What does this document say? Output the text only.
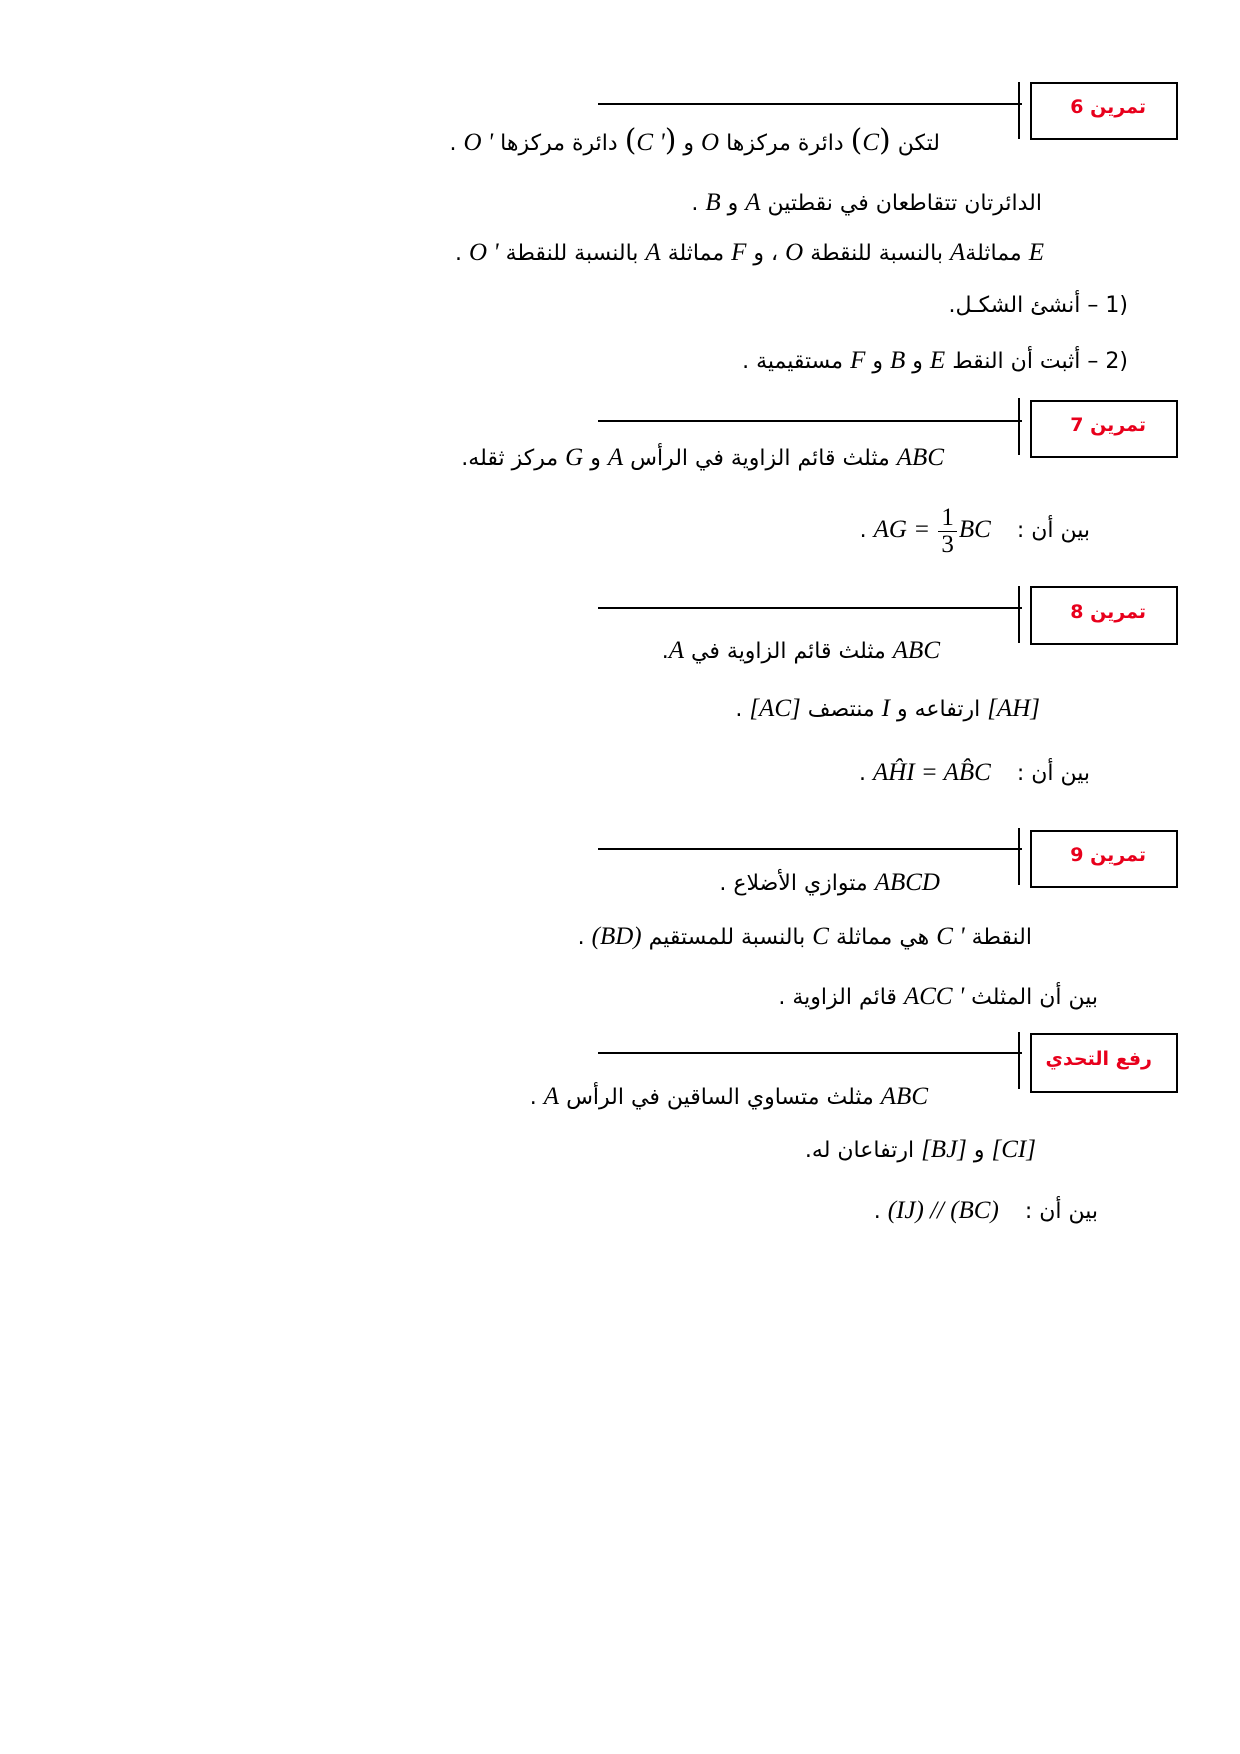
تمرين 6
لتكن (C) دائرة مركزها O و (C ') دائرة مركزها O ' .
الدائرتان تتقاطعان في نقطتين A و B .
E مماثلةA بالنسبة للنقطة O ، و F مماثلة A بالنسبة للنقطة O ' .
1) – أنشئ الشكـل.
2) – أثبت أن النقط E و B و F مستقيمية .
تمرين 7
ABC مثلث قائم الزاوية في الرأس A و G مركز ثقله.
بين أن :  AG = $\frac{1}{3}$ BC .
تمرين 8
ABC مثلث قائم الزاوية في A.
[AH] ارتفاعه و I منتصف [AC] .
بين أن :  AĤI = AB̂C .
تمرين 9
ABCD متوازي الأضلاع .
النقطة C ' هي مماثلة C بالنسبة للمستقيم (BD) .
بين أن المثلث ACC ' قائم الزاوية .
رفع التحدي
ABC مثلث متساوي الساقين في الرأس A .
[CI] و [BJ] ارتفاعان له.
بين أن :  (IJ) // (BC) .
